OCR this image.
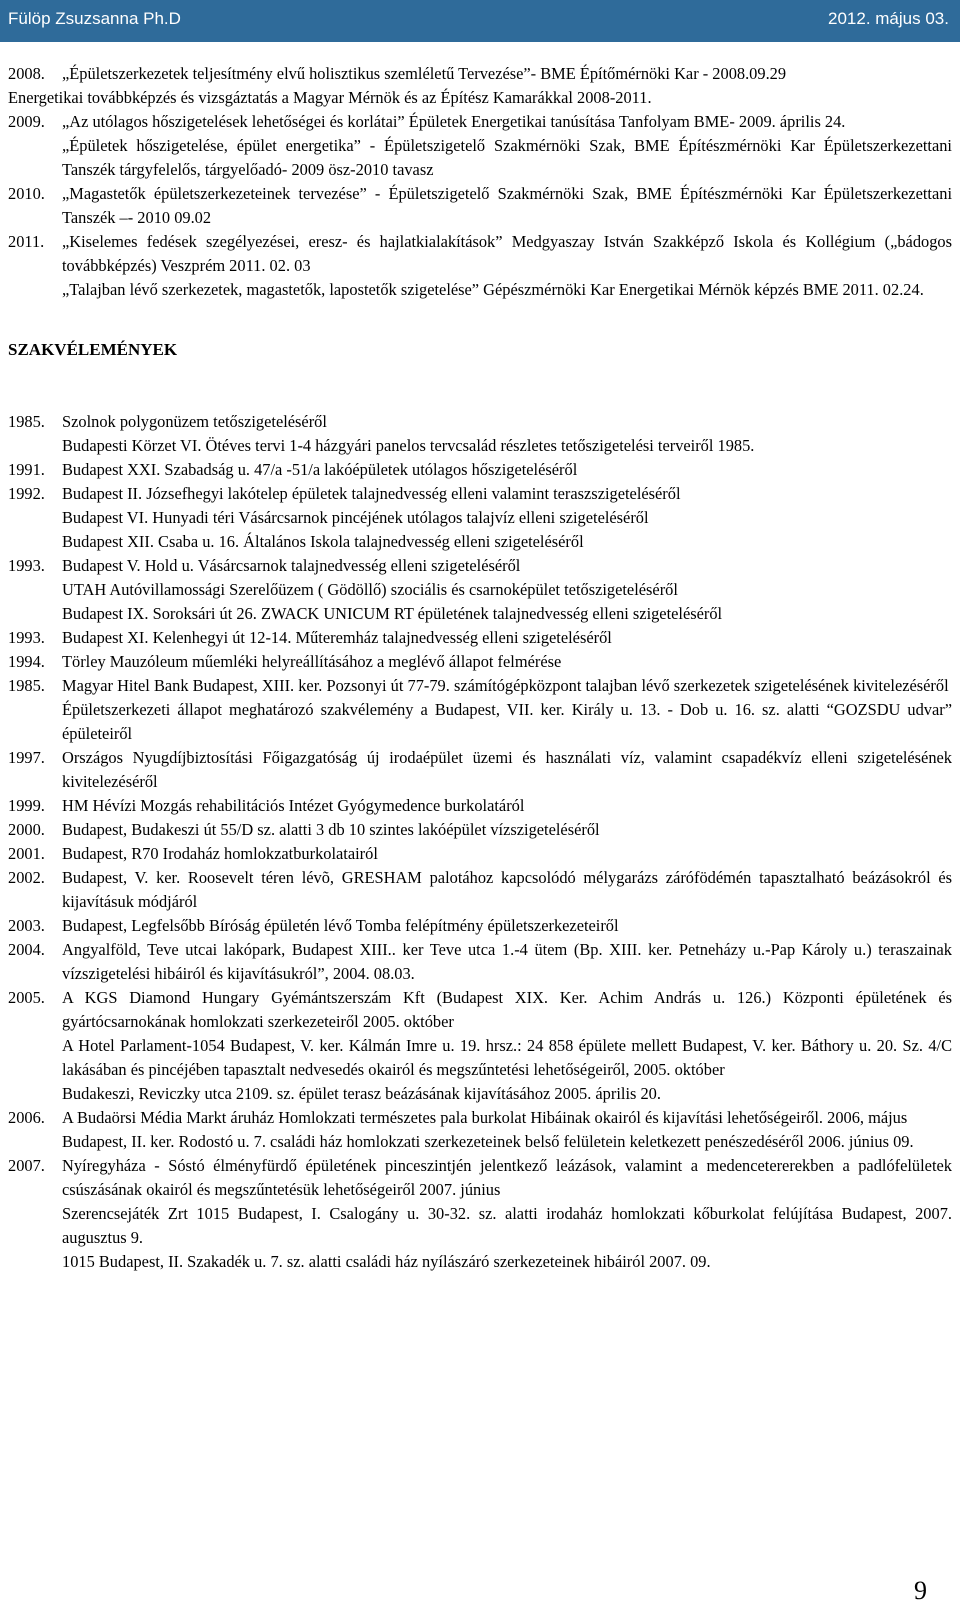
Fülöp Zsuzsanna Ph.D	2012. május 03.
2008. „Épületszerkezetek teljesítmény elvű holisztikus szemléletű Tervezése”- BME Építőmérnöki Kar - 2008.09.29
Energetikai továbbképzés és vizsgáztatás a Magyar Mérnök és az Építész Kamarákkal 2008-2011.
2009. „Az utólagos hőszigetelések lehetőségei és korlátai” Épületek Energetikai tanúsítása Tanfolyam BME- 2009. április 24.
„Épületek hőszigetelése, épület energetika” - Épületszigetelő Szakmérnöki Szak, BME Építészmérnöki Kar Épületszerkezettani Tanszék tárgyfelelős, tárgyelőadó- 2009 ösz-2010 tavasz
2010. „Magastetők épületszerkezeteinek tervezése” - Épületszigetelő Szakmérnöki Szak, BME Építészmérnöki Kar Épületszerkezettani Tanszék –- 2010 09.02
2011. „Kiselemes fedések szegélyezései, eresz- és hajlatkialakítások” Medgyaszay István Szakképző Iskola és Kollégium („bádogos továbbképzés) Veszprém 2011. 02. 03
„Talajban lévő szerkezetek, magastetők, lapostetők szigetelése” Gépészmérnöki Kar Energetikai Mérnök képzés BME 2011. 02.24.
SZAKVÉLEMÉNYEK
1985. Szolnok polygonüzem tetőszigeteléséről
Budapesti Körzet VI. Ötéves tervi 1-4 házgyári panelos tervcsalád részletes tetőszigetelési terveiről 1985.
1991. Budapest XXI. Szabadság u. 47/a -51/a lakóépületek utólagos hőszigeteléséről
1992. Budapest II. Józsefhegyi lakótelep épületek talajnedvesség elleni valamint teraszszigeteléséről
Budapest VI. Hunyadi téri Vásárcsarnok pincéjének utólagos talajvíz elleni szigeteléséről
Budapest XII. Csaba u. 16. Általános Iskola talajnedvesség elleni szigeteléséről
1993. Budapest V. Hold u. Vásárcsarnok talajnedvesség elleni szigeteléséről
UTAH Autóvillamossági Szerelőüzem ( Gödöllő) szociális és csarnoképület tetőszigeteléséről
Budapest IX. Soroksári út 26. ZWACK UNICUM RT épületének talajnedvesség elleni szigeteléséről
1993. Budapest XI. Kelenhegyi út 12-14. Műteremház talajnedvesség elleni szigeteléséről
1994. Törley Mauzóleum műemléki helyreállításához a meglévő állapot felmérése
1985. Magyar Hitel Bank Budapest, XIII. ker. Pozsonyi út 77-79. számítógépközpont talajban lévő szerkezetek szigetelésének kivitelezéséről
Épületszerkezeti állapot meghatározó szakvélemény a Budapest, VII. ker. Király u. 13. - Dob u. 16. sz. alatti “GOZSDU udvar” épületeiről
1997. Országos Nyugdíjbiztosítási Főigazgatóság új irodaépület üzemi és használati víz, valamint csapadékvíz elleni szigetelésének kivitelezéséről
1999. HM Hévízi Mozgás rehabilitációs Intézet Gyógymedence burkolatáról
2000. Budapest, Budakeszi út 55/D sz. alatti 3 db 10 szintes lakóépület vízszigeteléséről
2001. Budapest, R70 Irodaház homlokzatburkolatairól
2002. Budapest, V. ker. Roosevelt téren lévõ, GRESHAM palotához kapcsolódó mélygarázs zárófödémén tapasztalható beázásokról és kijavításuk módjáról
2003. Budapest, Legfelsőbb Bíróság épületén lévő Tomba felépítmény épületszerkezeteiről
2004. Angyalföld, Teve utcai lakópark, Budapest XIII.. ker Teve utca 1.-4 ütem (Bp. XIII. ker. Petneházy u.-Pap Károly u.) teraszainak vízszigetelési hibáiról és kijavításukról”, 2004. 08.03.
2005. A KGS Diamond Hungary Gyémántszerszám Kft (Budapest XIX. Ker. Achim András u. 126.) Központi épületének és gyártócsarnokának homlokzati szerkezeteiről 2005. október
A Hotel Parlament-1054 Budapest, V. ker. Kálmán Imre u. 19. hrsz.: 24 858 épülete mellett Budapest, V. ker. Báthory u. 20. Sz. 4/C lakásában és pincéjében tapasztalt nedvesedés okairól és megszűntetési lehetőségeiről, 2005. október
Budakeszi, Reviczky utca 2109. sz. épület terasz beázásának kijavításához 2005. április 20.
2006. A Budaörsi Média Markt áruház Homlokzati természetes pala burkolat Hibáinak okairól és kijavítási lehetőségeiről. 2006, május
Budapest, II. ker. Rodostó u. 7. családi ház homlokzati szerkezeteinek belső felületein keletkezett penészedéséről 2006. június 09.
2007. Nyíregyháza - Sóstó élményfürdő épületének pinceszintjén jelentkező leázások, valamint a medencetererekben a padlófelületek csúszásának okairól és megszűntetésük lehetőségeiről 2007. június
Szerencsejáték Zrt 1015 Budapest, I. Csalogány u. 30-32. sz. alatti irodaház homlokzati kőburkolat felújítása Budapest, 2007. augusztus 9.
1015 Budapest, II. Szakadék u. 7. sz. alatti családi ház nyílászáró szerkezeteinek hibáiról 2007. 09.
9
